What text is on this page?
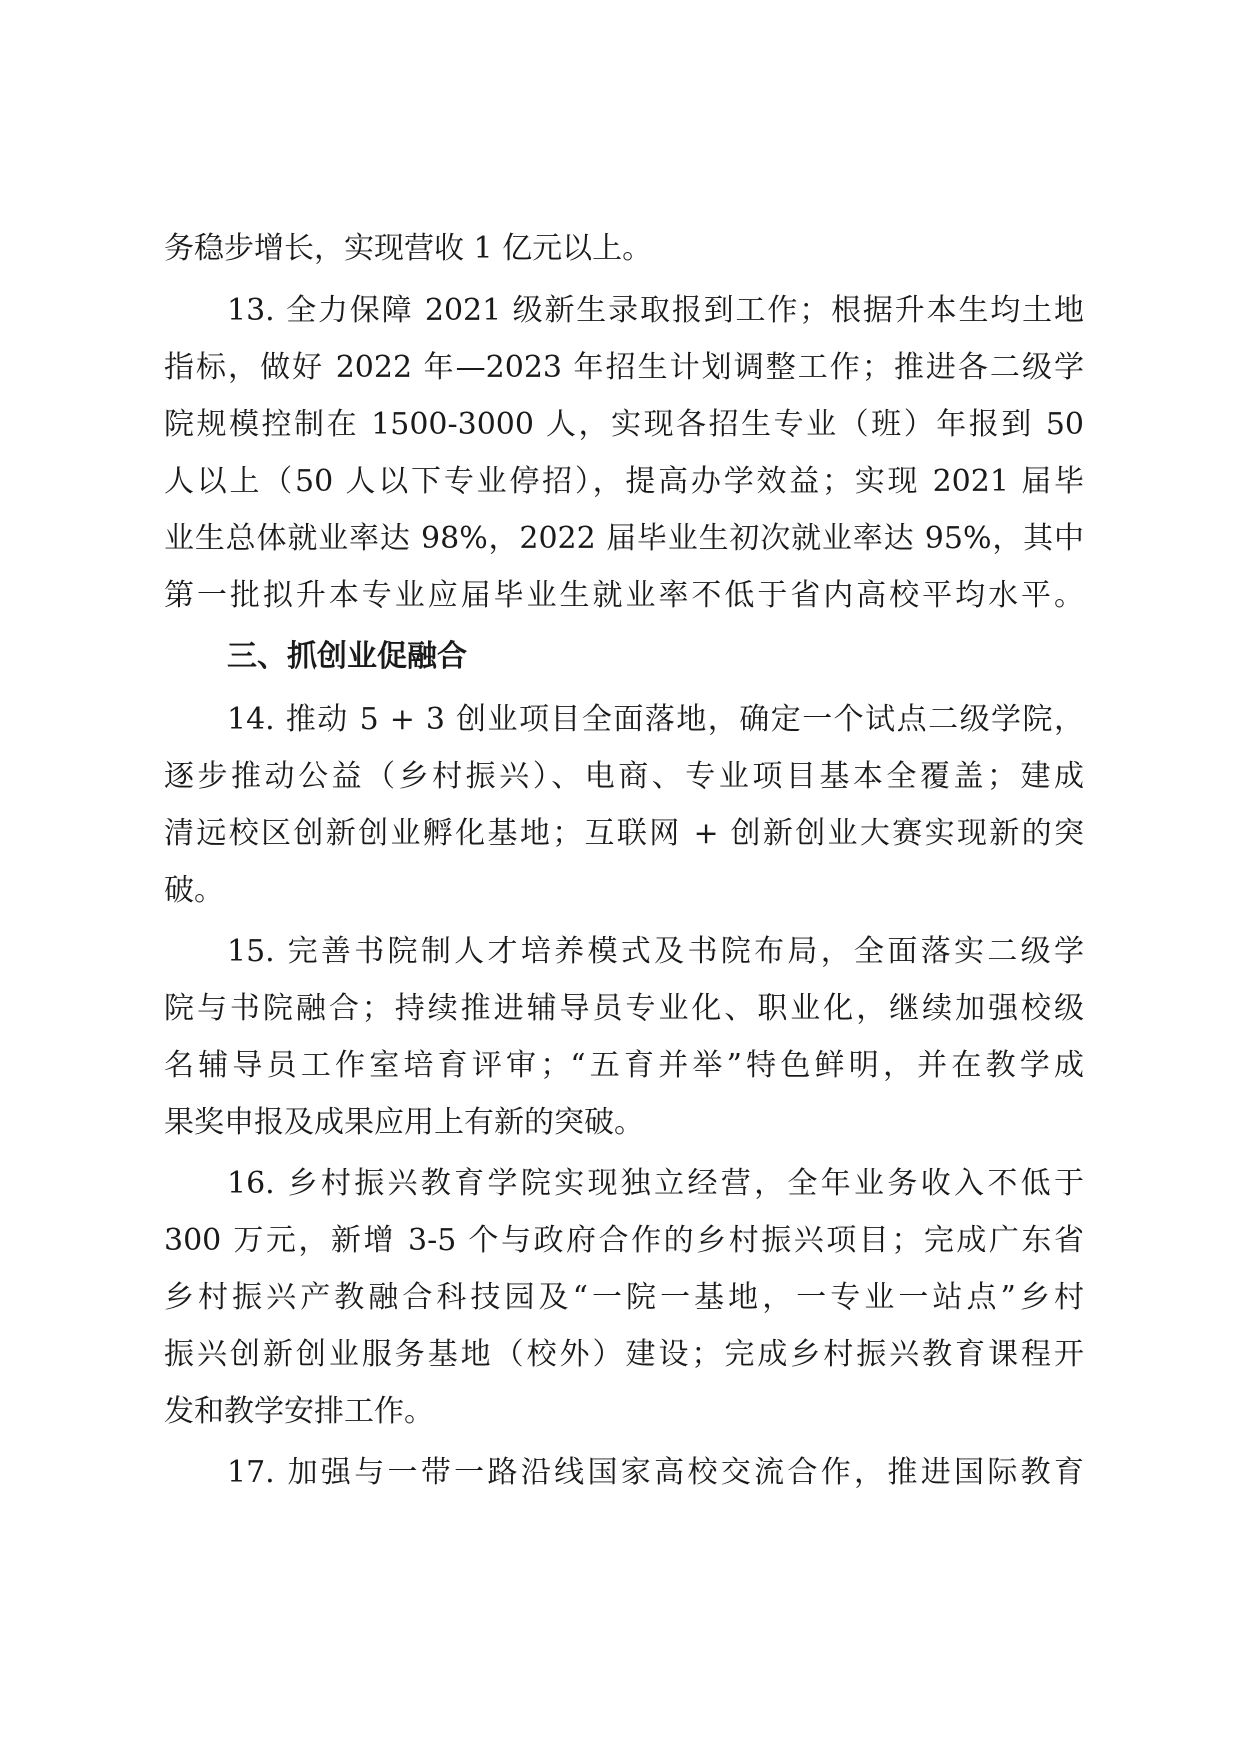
务稳步增长，实现营收 1 亿元以上。
13. 全力保障 2021 级新生录取报到工作；根据升本生均土地
指标，做好 2022 年—2023 年招生计划调整工作；推进各二级学
院规模控制在 1500-3000 人，实现各招生专业（班）年报到 50
人以上（50 人以下专业停招），提高办学效益；实现 2021 届毕
业生总体就业率达 98%，2022 届毕业生初次就业率达 95%，其中
第一批拟升本专业应届毕业生就业率不低于省内高校平均水平。
三、抓创业促融合
14. 推动 5 + 3 创业项目全面落地，确定一个试点二级学院，
逐步推动公益（乡村振兴）、电商、专业项目基本全覆盖；建成
清远校区创新创业孵化基地；互联网 + 创新创业大赛实现新的突
破。
15. 完善书院制人才培养模式及书院布局，全面落实二级学
院与书院融合；持续推进辅导员专业化、职业化，继续加强校级
名辅导员工作室培育评审；“五育并举”特色鲜明，并在教学成
果奖申报及成果应用上有新的突破。
16. 乡村振兴教育学院实现独立经营，全年业务收入不低于
300 万元，新增 3-5 个与政府合作的乡村振兴项目；完成广东省
乡村振兴产教融合科技园及“一院一基地，一专业一站点”乡村
振兴创新创业服务基地（校外）建设；完成乡村振兴教育课程开
发和教学安排工作。
17. 加强与一带一路沿线国家高校交流合作，推进国际教育
